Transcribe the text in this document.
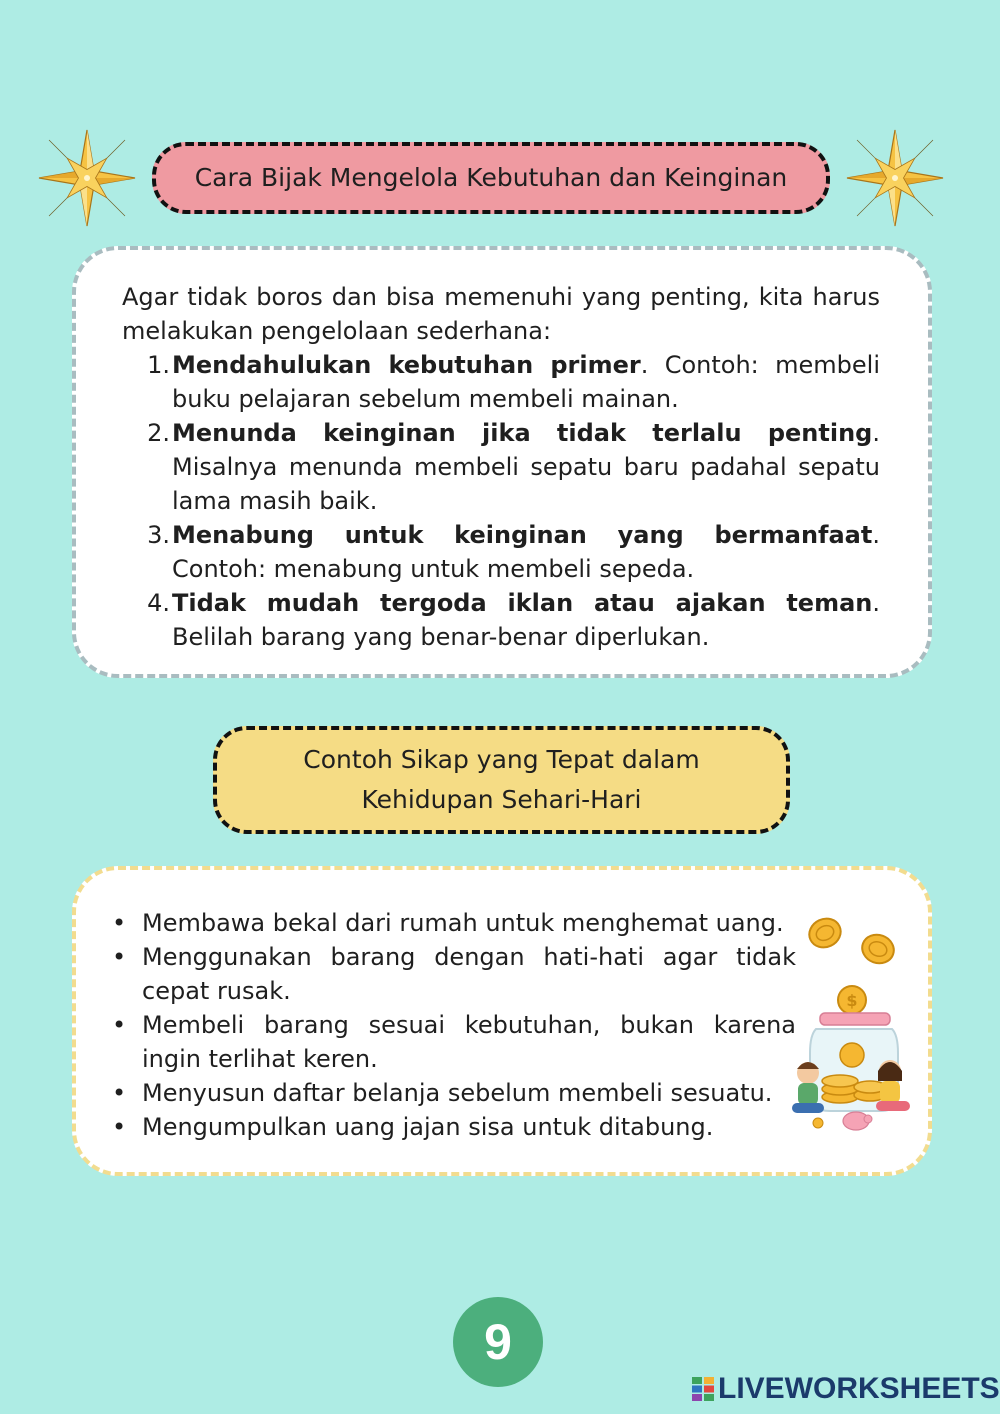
Cara Bijak Mengelola Kebutuhan dan Keinginan

Agar tidak boros dan bisa memenuhi yang penting, kita harus melakukan pengelolaan sederhana:

1. Mendahulukan kebutuhan primer. Contoh: membeli buku pelajaran sebelum membeli mainan.
2. Menunda keinginan jika tidak terlalu penting. Misalnya menunda membeli sepatu baru padahal sepatu lama masih baik.
3. Menabung untuk keinginan yang bermanfaat. Contoh: menabung untuk membeli sepeda.
4. Tidak mudah tergoda iklan atau ajakan teman. Belilah barang yang benar-benar diperlukan.
Contoh Sikap yang Tepat dalam
Kehidupan Sehari-Hari
• Membawa bekal dari rumah untuk menghemat uang.
• Menggunakan barang dengan hati-hati agar tidak cepat rusak.
• Membeli barang sesuai kebutuhan, bukan karena ingin terlihat keren.
• Menyusun daftar belanja sebelum membeli sesuatu.
• Mengumpulkan uang jajan sisa untuk ditabung.
$
9
LIVEWORKSHEETS
